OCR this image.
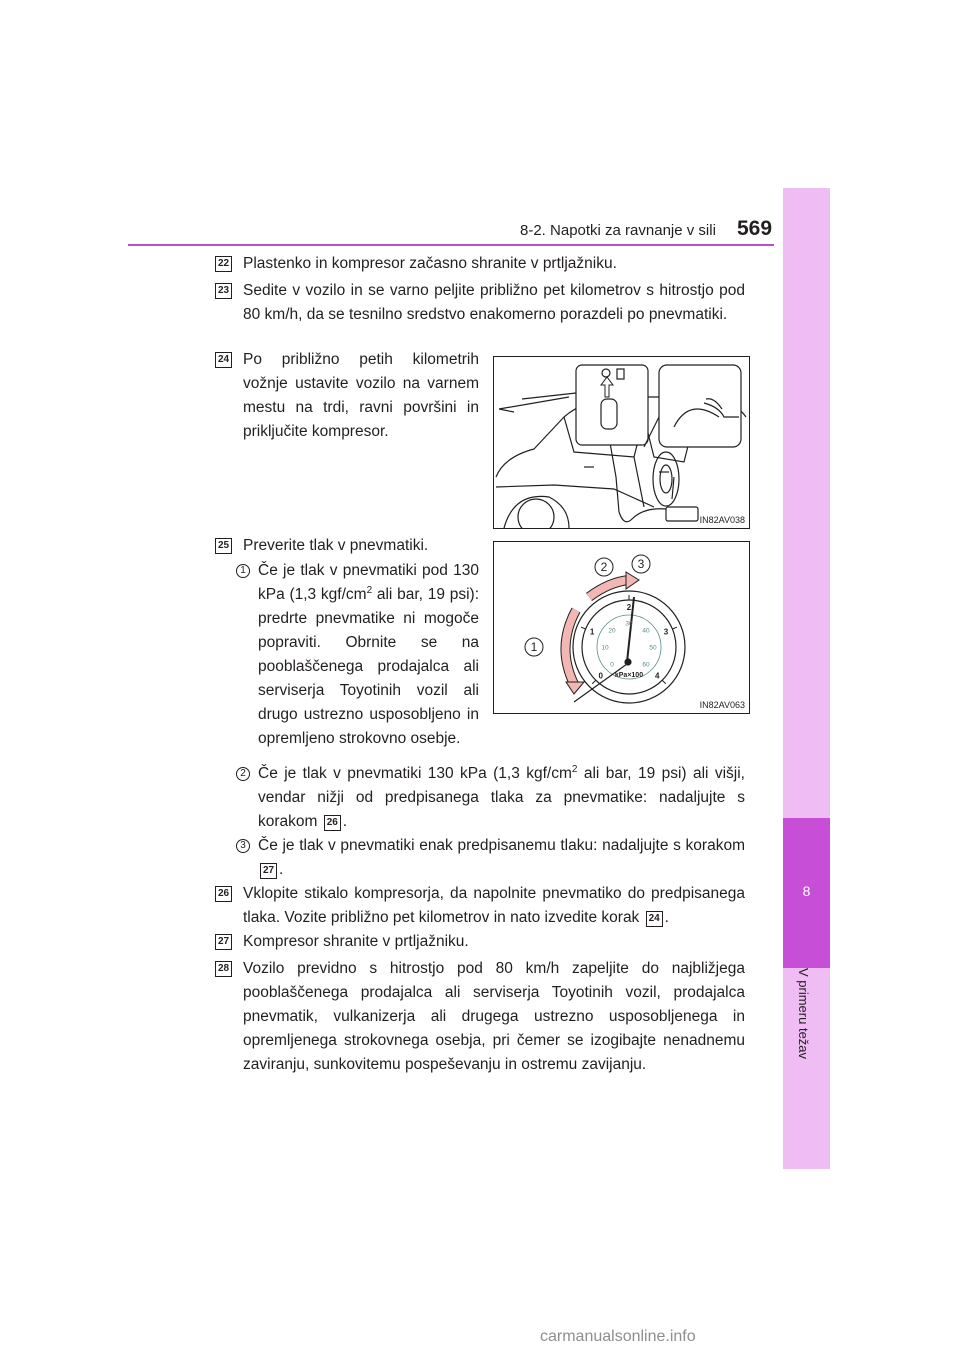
8-2. Napotki za ravnanje v sili 569
8
V primeru težav
22 Plastenko in kompresor začasno shranite v prtljažniku.
23 Sedite v vozilo in se varno peljite približno pet kilometrov s hitrostjo pod 80 km/h, da se tesnilno sredstvo enakomerno porazdeli po pnevmatiki.
24 Po približno petih kilometrih vožnje ustavite vozilo na varnem mestu na trdi, ravni površini in priključite kompresor.
IN82AV038
25 Preverite tlak v pnevmatiki.
1 Če je tlak v pnevmatiki pod 130 kPa (1,3 kgf/$cm^2$ ali bar, 19 psi): predrte pnevmatike ni mogoče popraviti. Obrnite se na pooblaščenega prodajalca ali serviserja Toyotinih vozil ali drugo ustrezno usposobljeno in opremljeno strokovno osebje.
0
1
2
3
4
0
10
20
30
40
50
60
kPa×100
1
2	3
IN82AV063
2 Če je tlak v pnevmatiki 130 kPa (1,3 kgf/$cm^2$ ali bar, 19 psi) ali višji, vendar nižji od predpisanega tlaka za pnevmatike: nadaljujte s korakom 26 .
3 Če je tlak v pnevmatiki enak predpisanemu tlaku: nadaljujte s korakom 27 .
26 Vklopite stikalo kompresorja, da napolnite pnevmatiko do predpisanega tlaka. Vozite približno pet kilometrov in nato izvedite korak 24 .
27 Kompresor shranite v prtljažniku.
28 Vozilo previdno s hitrostjo pod 80 km/h zapeljite do najbližjega pooblaščenega prodajalca ali serviserja Toyotinih vozil, prodajalca pnevmatik, vulkanizerja ali drugega ustrezno usposobljenega in opremljenega strokovnega osebja, pri čemer se izogibajte nenadnemu zaviranju, sunkovitemu pospeševanju in ostremu zavijanju.
carmanualsonline.info
